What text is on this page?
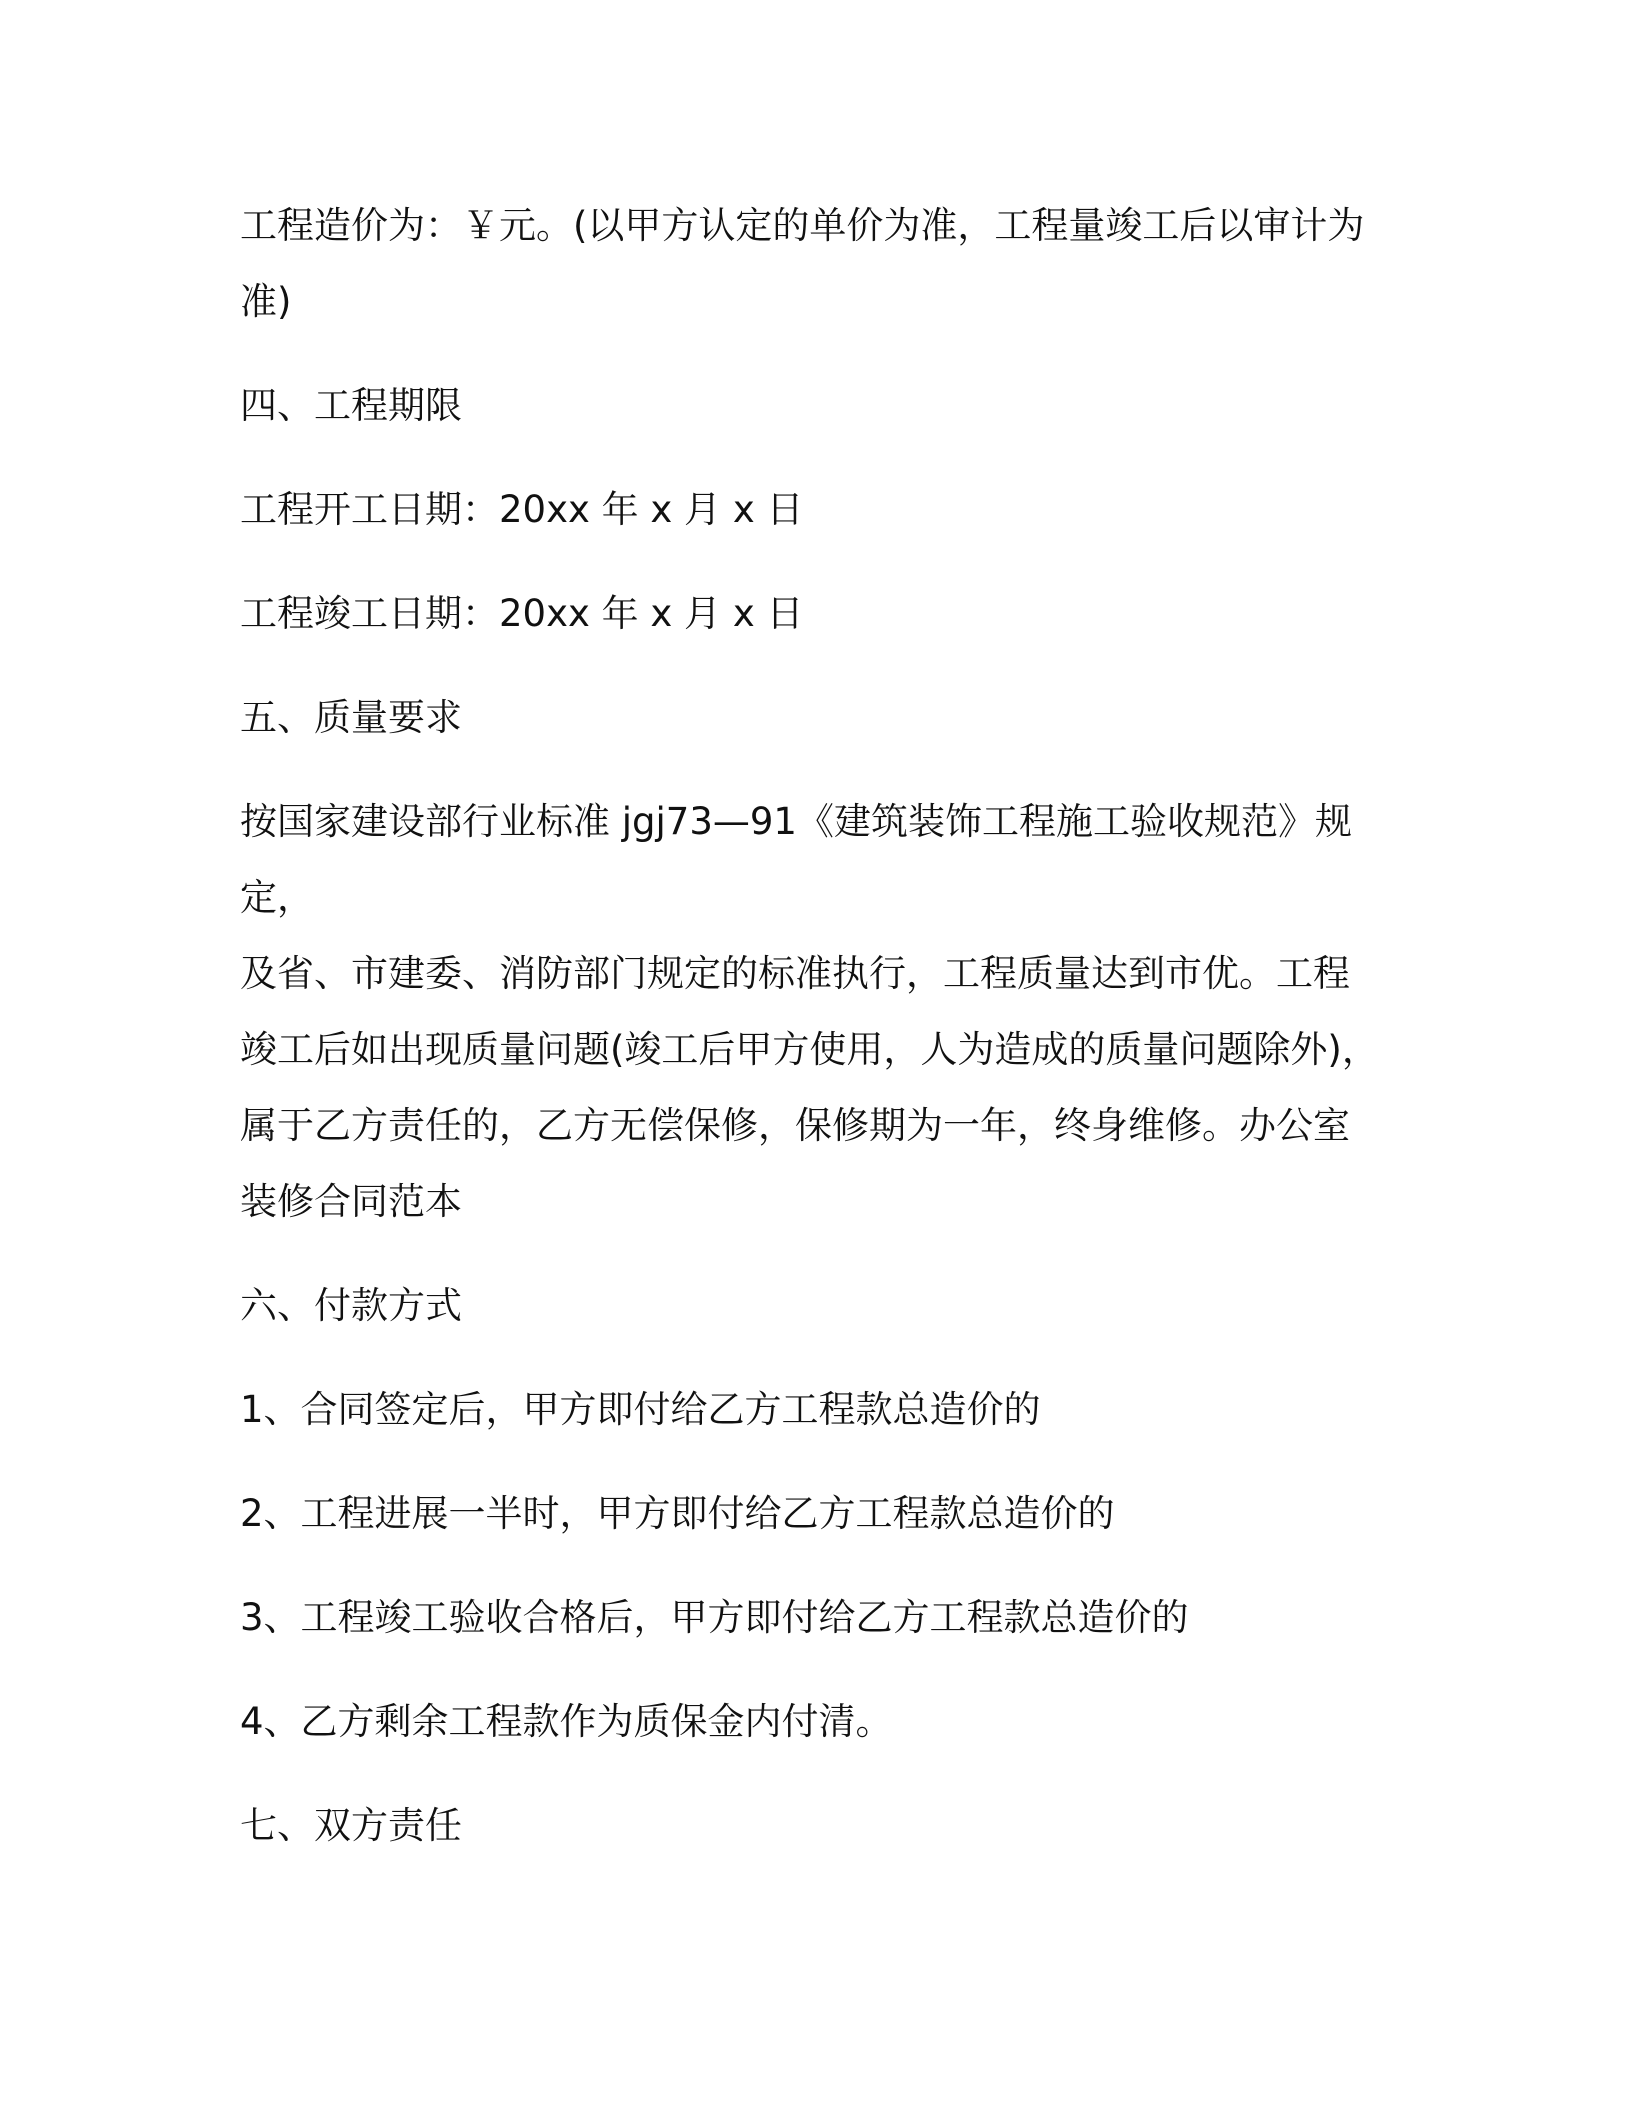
工程造价为：￥元。(以甲方认定的单价为准，工程量竣工后以审计为

准)

四、工程期限

工程开工日期：20xx 年 x 月 x 日

工程竣工日期：20xx 年 x 月 x 日

五、质量要求

按国家建设部行业标准 jgj73—91《建筑装饰工程施工验收规范》规定，

及省、市建委、消防部门规定的标准执行，工程质量达到市优。工程

竣工后如出现质量问题(竣工后甲方使用，人为造成的质量问题除外)，

属于乙方责任的，乙方无偿保修，保修期为一年，终身维修。办公室

装修合同范本

六、付款方式

1、合同签定后，甲方即付给乙方工程款总造价的

2、工程进展一半时，甲方即付给乙方工程款总造价的

3、工程竣工验收合格后，甲方即付给乙方工程款总造价的

4、乙方剩余工程款作为质保金内付清。

七、双方责任
